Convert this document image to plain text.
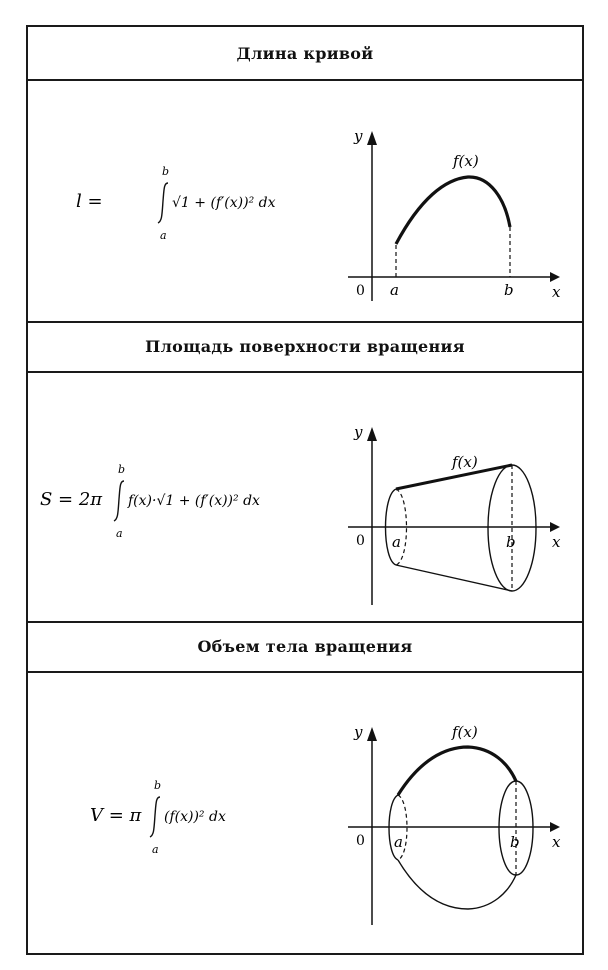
Длина кривой
l =
b
a
√1 + (f′(x))² dx
y
x
0 a	b
f(x)
Площадь поверхности вращения
S = 2π
b
a
f(x)·√1 + (f′(x))² dx
y
x
0 a	b
f(x)
Объем тела вращения
V = π
b
a
(f(x))² dx
y
x
0 a	b
f(x)
